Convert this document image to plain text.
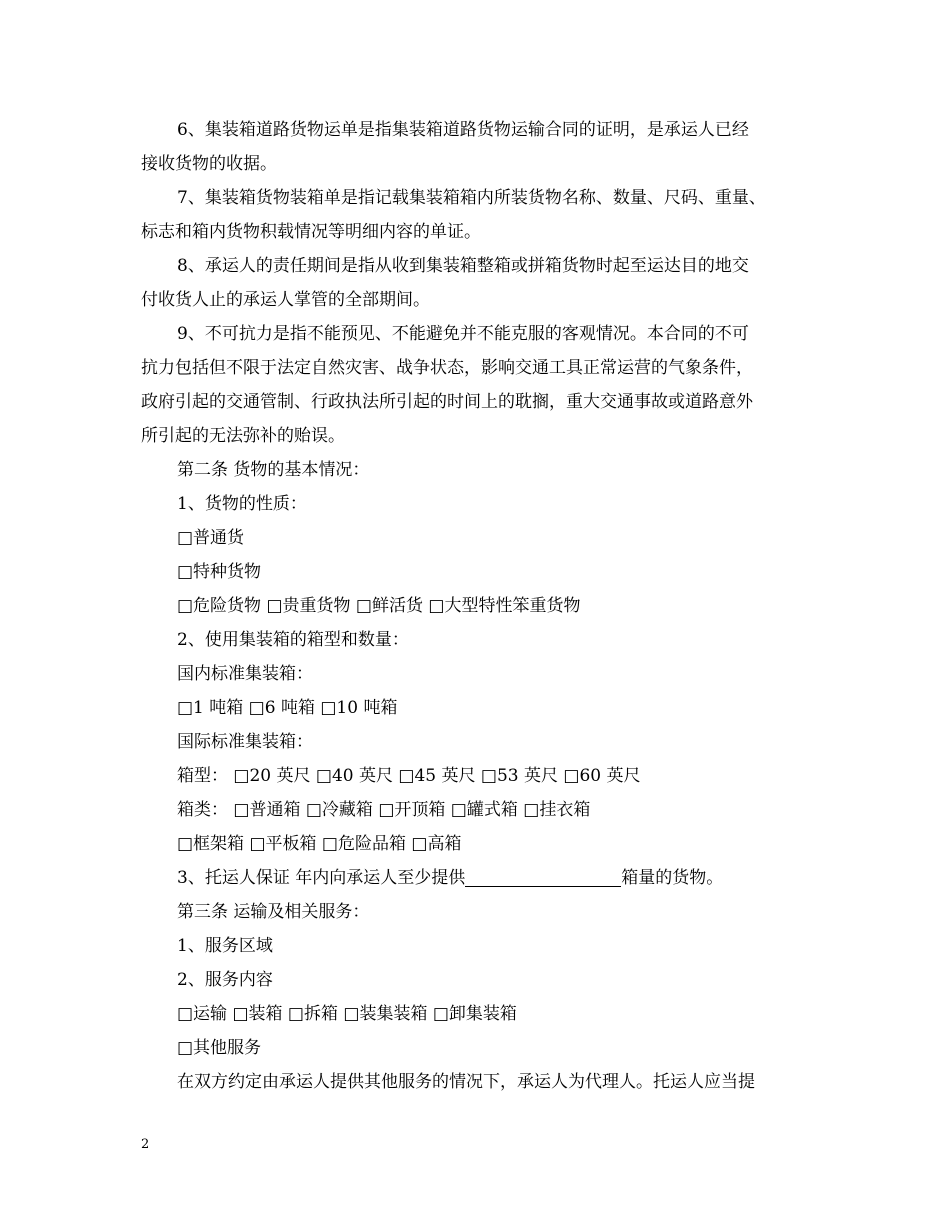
6、集装箱道路货物运单是指集装箱道路货物运输合同的证明，是承运人已经
接收货物的收据。
7、集装箱货物装箱单是指记载集装箱箱内所装货物名称、数量、尺码、重量、
标志和箱内货物积载情况等明细内容的单证。
8、承运人的责任期间是指从收到集装箱整箱或拼箱货物时起至运达目的地交
付收货人止的承运人掌管的全部期间。
9、不可抗力是指不能预见、不能避免并不能克服的客观情况。本合同的不可
抗力包括但不限于法定自然灾害、战争状态，影响交通工具正常运营的气象条件，
政府引起的交通管制、行政执法所引起的时间上的耽搁，重大交通事故或道路意外
所引起的无法弥补的贻误。
第二条 货物的基本情况：
1、货物的性质：
□普通货
□特种货物
□危险货物 □贵重货物 □鲜活货 □大型特性笨重货物
2、使用集装箱的箱型和数量：
国内标准集装箱：
□1 吨箱 □6 吨箱 □10 吨箱
国际标准集装箱：
箱型： □20 英尺 □40 英尺 □45 英尺 □53 英尺 □60 英尺
箱类： □普通箱 □冷藏箱 □开顶箱 □罐式箱 □挂衣箱
□框架箱 □平板箱 □危险品箱 □高箱
3、托运人保证 年内向承运人至少提供	箱量的货物。
第三条 运输及相关服务：
1、服务区域
2、服务内容
□运输 □装箱 □拆箱 □装集装箱 □卸集装箱
□其他服务
在双方约定由承运人提供其他服务的情况下，承运人为代理人。托运人应当提
2
